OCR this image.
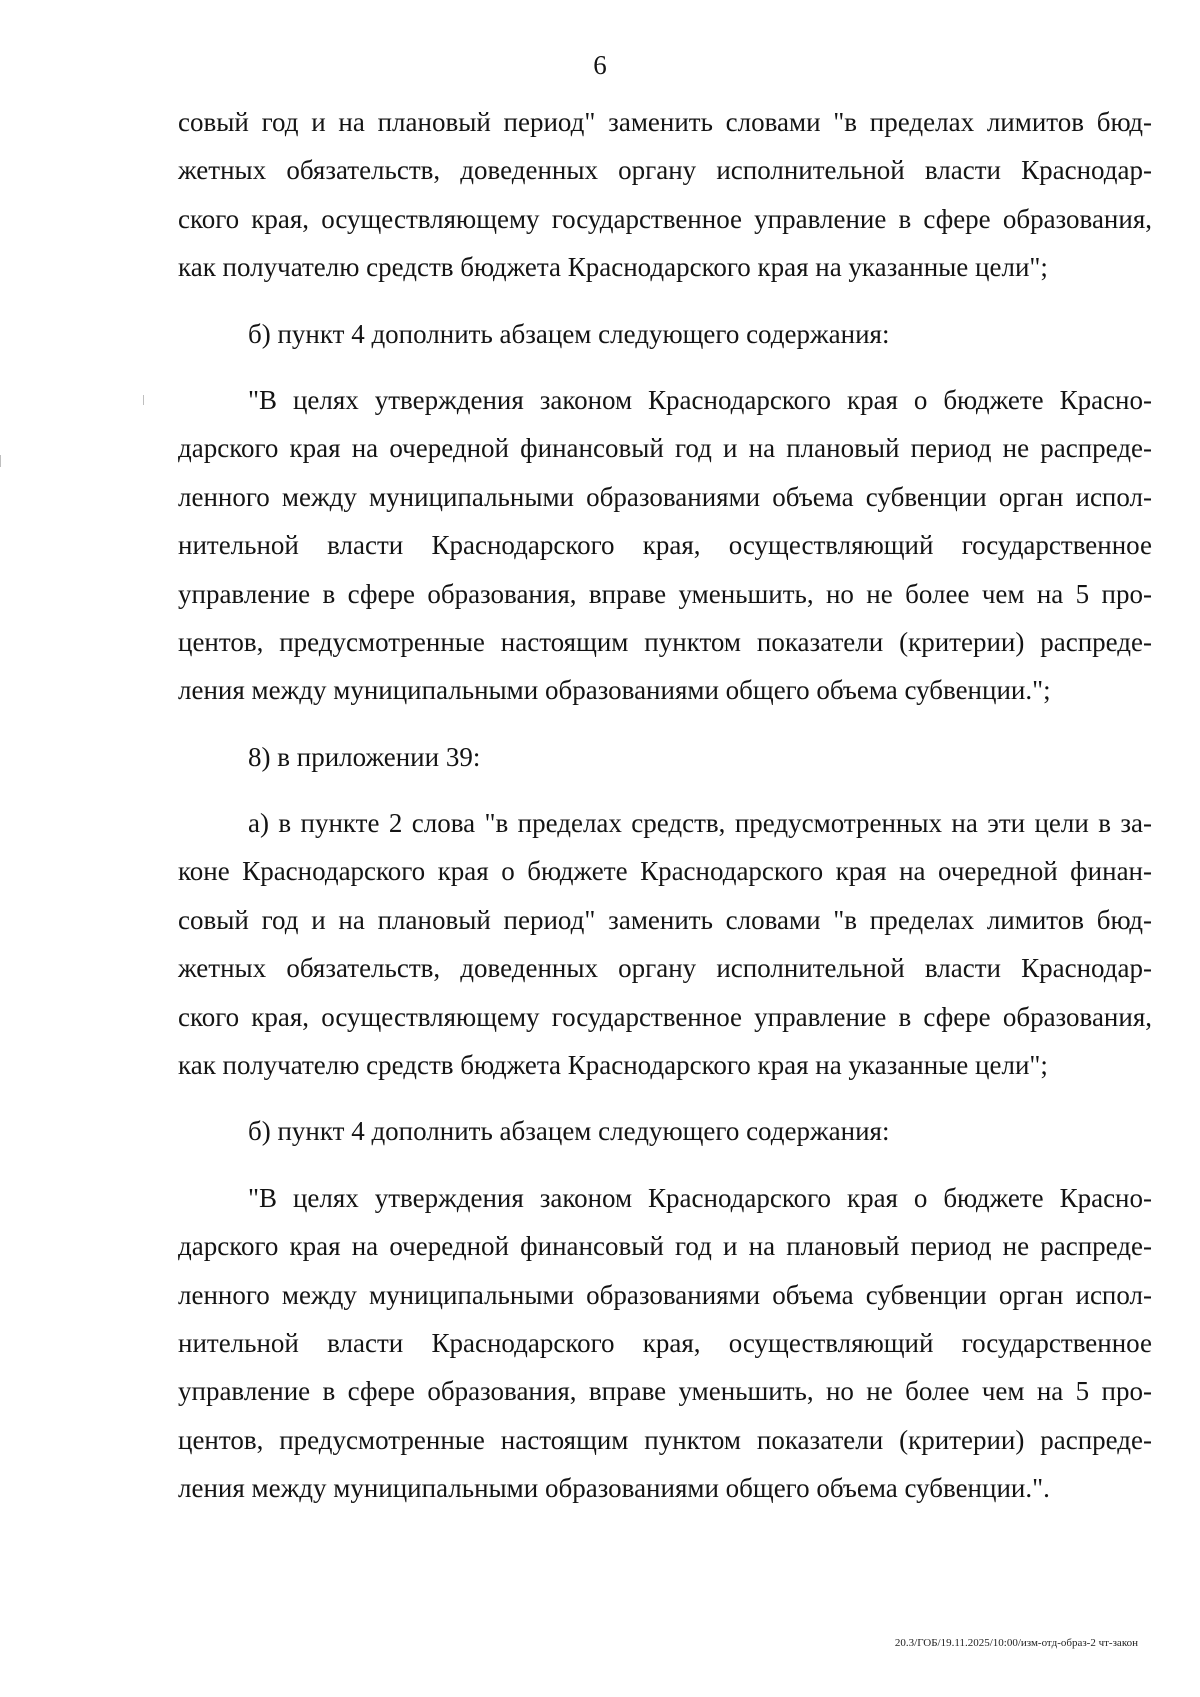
6
совый год и на плановый период" заменить словами "в пределах лимитов бюд-
жетных обязательств, доведенных органу исполнительной власти Краснодар-
ского края, осуществляющему государственное управление в сфере образования,
как получателю средств бюджета Краснодарского края на указанные цели";
б) пункт 4 дополнить абзацем следующего содержания:
"В целях утверждения законом Краснодарского края о бюджете Красно-
дарского края на очередной финансовый год и на плановый период не распреде-
ленного между муниципальными образованиями объема субвенции орган испол-
нительной власти Краснодарского края, осуществляющий государственное
управление в сфере образования, вправе уменьшить, но не более чем на 5 про-
центов, предусмотренные настоящим пунктом показатели (критерии) распреде-
ления между муниципальными образованиями общего объема субвенции.";
8) в приложении 39:
а) в пункте 2 слова "в пределах средств, предусмотренных на эти цели в за-
коне Краснодарского края о бюджете Краснодарского края на очередной финан-
совый год и на плановый период" заменить словами "в пределах лимитов бюд-
жетных обязательств, доведенных органу исполнительной власти Краснодар-
ского края, осуществляющему государственное управление в сфере образования,
как получателю средств бюджета Краснодарского края на указанные цели";
б) пункт 4 дополнить абзацем следующего содержания:
"В целях утверждения законом Краснодарского края о бюджете Красно-
дарского края на очередной финансовый год и на плановый период не распреде-
ленного между муниципальными образованиями объема субвенции орган испол-
нительной власти Краснодарского края, осуществляющий государственное
управление в сфере образования, вправе уменьшить, но не более чем на 5 про-
центов, предусмотренные настоящим пунктом показатели (критерии) распреде-
ления между муниципальными образованиями общего объема субвенции.".
20.3/ГОБ/19.11.2025/10:00/изм-отд-образ-2 чт-закон
